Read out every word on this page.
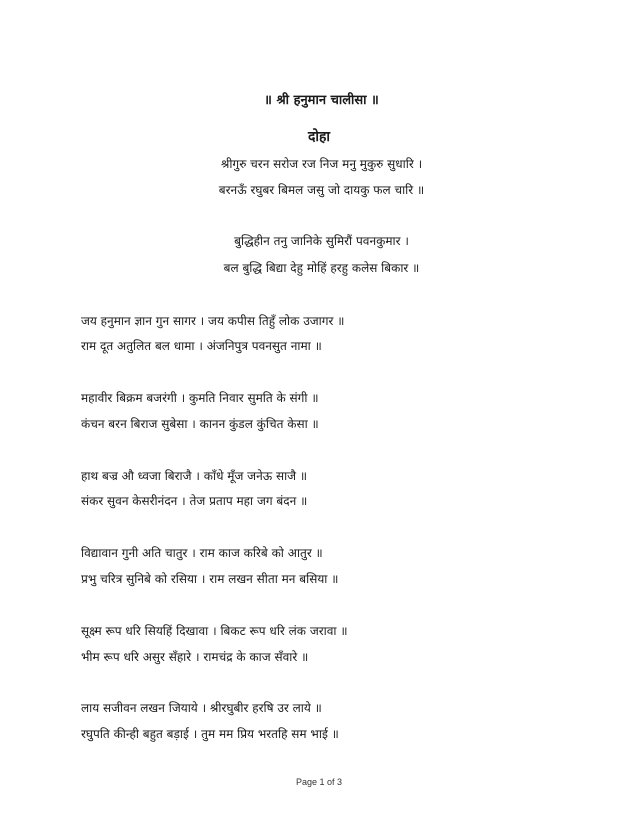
॥ श्री हनुमान चालीसा ॥
दोहा
श्रीगुरु चरन सरोज रज निज मनु मुकुरु सुधारि ।
बरनऊँ रघुबर बिमल जसु जो दायकु फल चारि ॥
बुद्धिहीन तनु जानिके सुमिरौं पवनकुमार ।
बल बुद्धि बिद्या देहु मोहिं हरहु कलेस बिकार ॥
जय हनुमान ज्ञान गुन सागर । जय कपीस तिहुँ लोक उजागर ॥
राम दूत अतुलित बल धामा । अंजनिपुत्र पवनसुत नामा ॥
महावीर बिक्रम बजरंगी । कुमति निवार सुमति के संगी ॥
कंचन बरन बिराज सुबेसा । कानन कुंडल कुंचित केसा ॥
हाथ बज्र औ ध्वजा बिराजै । काँधे मूँज जनेऊ साजै ॥
संकर सुवन केसरीनंदन । तेज प्रताप महा जग बंदन ॥
विद्यावान गुनी अति चातुर । राम काज करिबे को आतुर ॥
प्रभु चरित्र सुनिबे को रसिया । राम लखन सीता मन बसिया ॥
सूक्ष्म रूप धरि सियहिं दिखावा । बिकट रूप धरि लंक जरावा ॥
भीम रूप धरि असुर सँहारे । रामचंद्र के काज सँवारे ॥
लाय सजीवन लखन जियाये । श्रीरघुबीर हरषि उर लाये ॥
रघुपति कीन्ही बहुत बड़ाई । तुम मम प्रिय भरतहि सम भाई ॥
Page 1 of 3
